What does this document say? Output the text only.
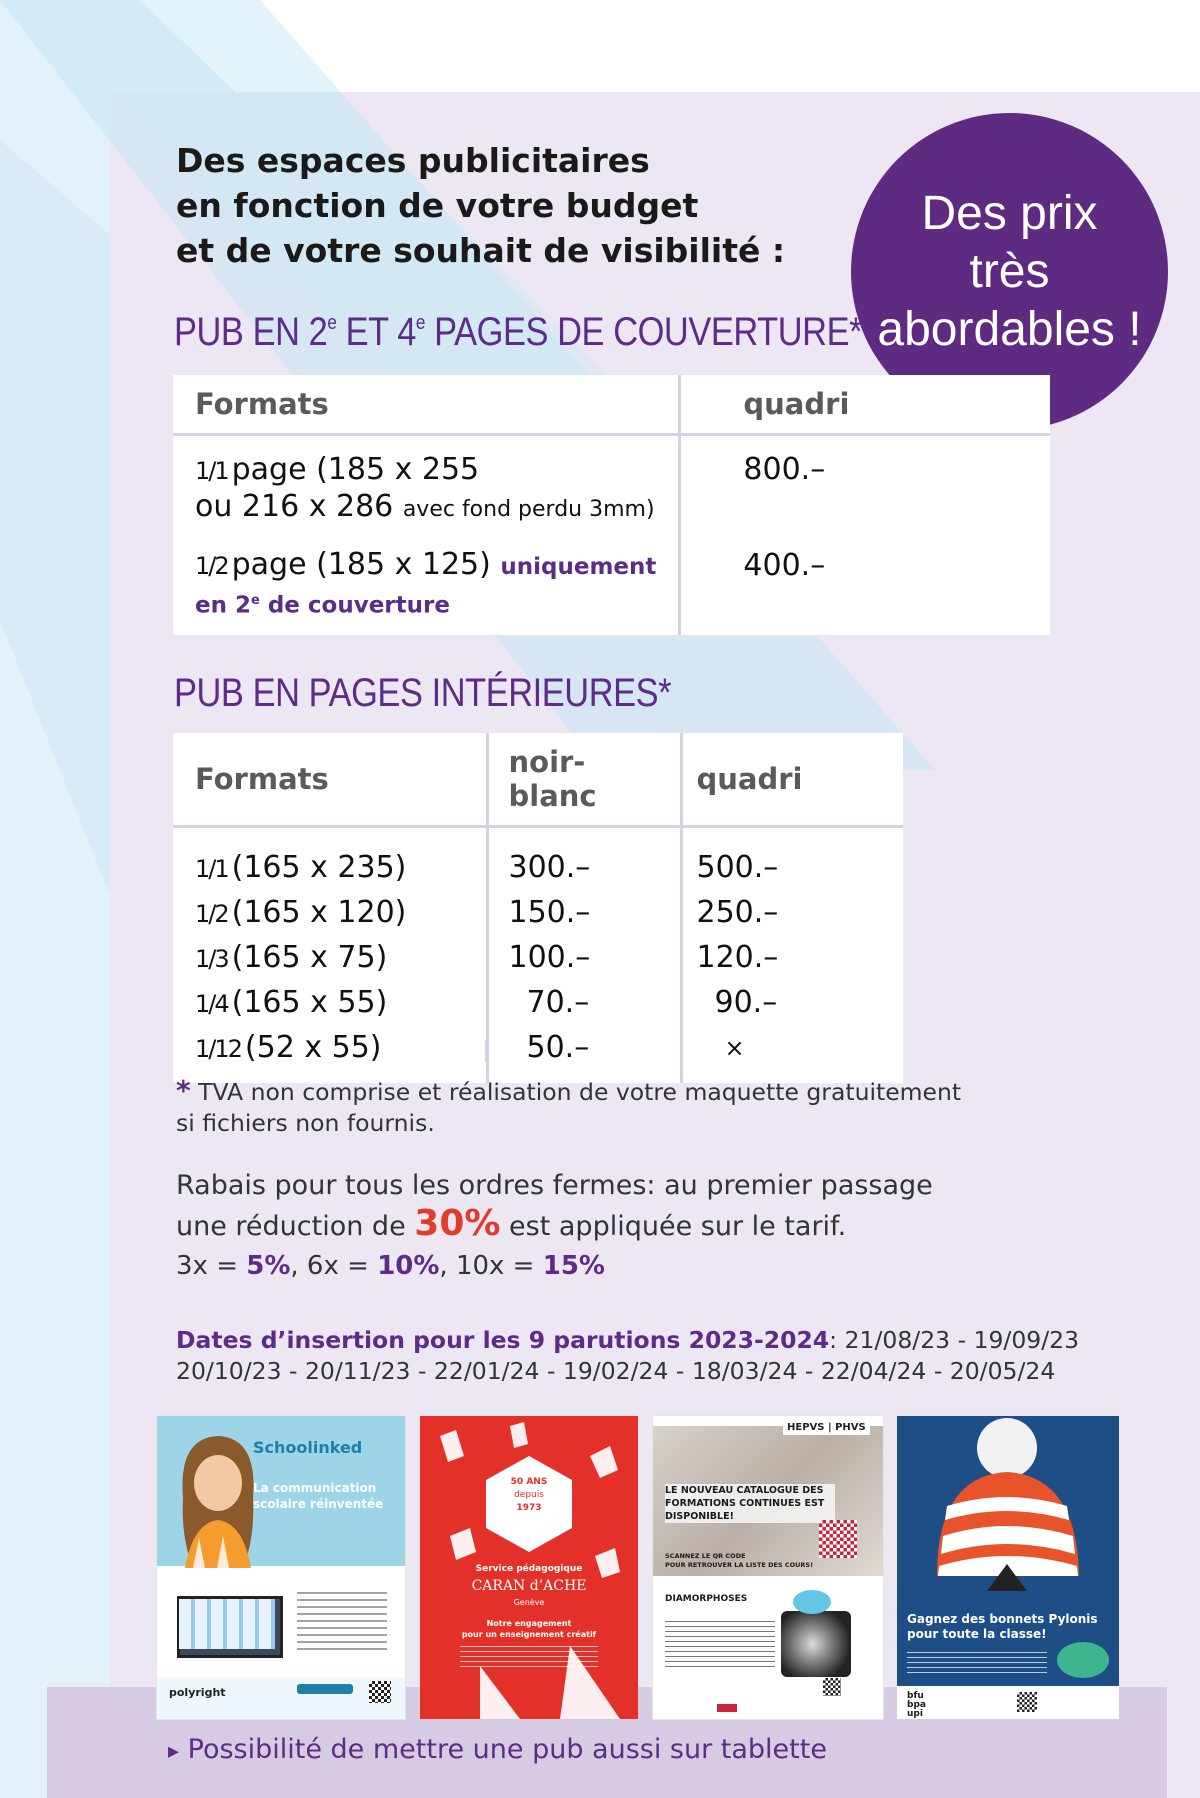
Des espaces publicitaires
en fonction de votre budget
et de votre souhait de visibilité :
Des prix
très
abordables !
PUB EN 2e ET 4e PAGES DE COUVERTURE*
Formats	quadri

1/1 page (185 x 255
ou 216 x 286 avec fond perdu 3mm)	800.–

1/2 page (185 x 125) uniquement
en 2e de couverture	400.–
PUB EN PAGES INTÉRIEURES*
Formats	noir-blanc	quadri
1/1 (165 x 235)	300.–	500.–
1/2 (165 x 120)	150.–	250.–
1/3 (165 x 75)	100.–	120.–
1/4 (165 x 55)	70.–	90.–
1/12 (52 x 55)	50.–	×
* TVA non comprise et réalisation de votre maquette gratuitement
si fichiers non fournis.
Rabais pour tous les ordres fermes: au premier passage
une réduction de 30% est appliquée sur le tarif.
3x = 5%, 6x = 10%, 10x = 15%
Dates d’insertion pour les 9 parutions 2023-2024: 21/08/23 - 19/09/23
20/10/23 - 20/11/23 - 22/01/24 - 19/02/24 - 18/03/24 - 22/04/24 - 20/05/24
Schoolinked
La communication
scolaire réinventée
polyright
50 ANS
depuis
1973
Service pédagogique
CARAN d’ACHE
Genève
Notre engagement
pour un enseignement créatif
HEPVS | PHVS
LE NOUVEAU CATALOGUE DES
FORMATIONS CONTINUES EST
DISPONIBLE!
SCANNEZ LE QR CODE
POUR RETROUVER LA LISTE DES COURS!
DIAMORPHOSES
Gagnez des bonnets Pylonis
pour toute la classe!
bfu bpa upi
▸ Possibilité de mettre une pub aussi sur tablette
